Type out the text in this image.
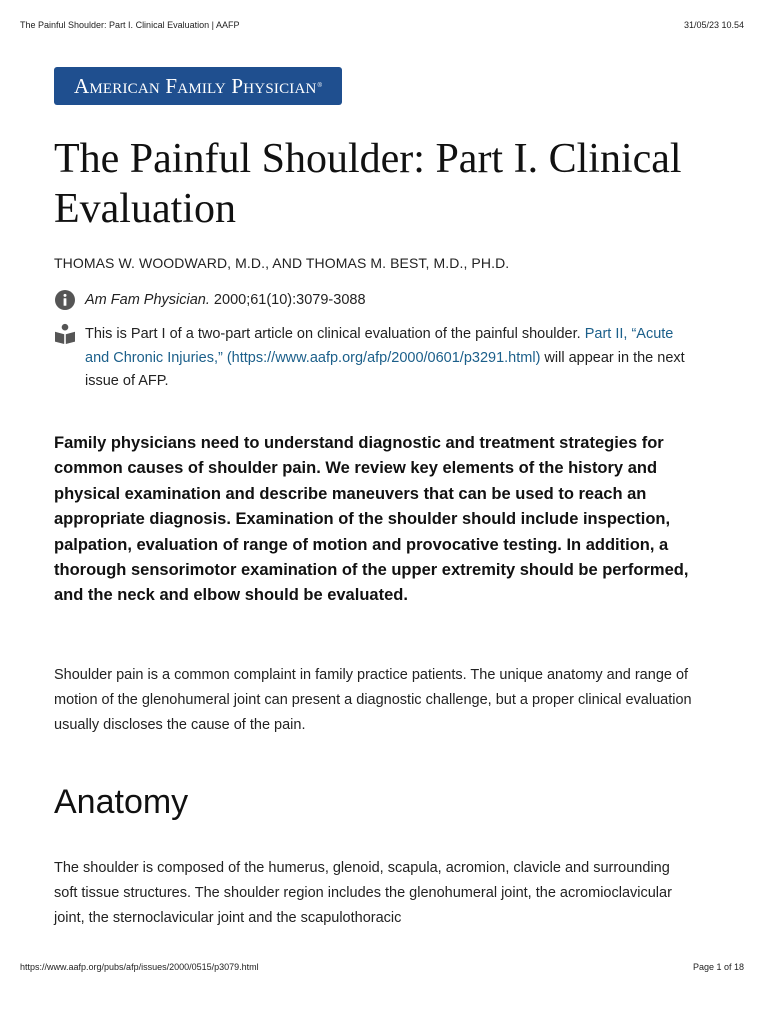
The Painful Shoulder: Part I. Clinical Evaluation | AAFP	31/05/23 10.54
American Family Physician ®
The Painful Shoulder: Part I. Clinical Evaluation
THOMAS W. WOODWARD, M.D., AND THOMAS M. BEST, M.D., PH.D.
Am Fam Physician. 2000;61(10):3079-3088
This is Part I of a two-part article on clinical evaluation of the painful shoulder. Part II, “Acute and Chronic Injuries,” (https://www.aafp.org/afp/2000/0601/p3291.html) will appear in the next issue of AFP.

Family physicians need to understand diagnostic and treatment strategies for common causes of shoulder pain. We review key elements of the history and physical examination and describe maneuvers that can be used to reach an appropriate diagnosis. Examination of the shoulder should include inspection, palpation, evaluation of range of motion and provocative testing. In addition, a thorough sensorimotor examination of the upper extremity should be performed, and the neck and elbow should be evaluated.

Shoulder pain is a common complaint in family practice patients. The unique anatomy and range of motion of the glenohumeral joint can present a diagnostic challenge, but a proper clinical evaluation usually discloses the cause of the pain.

Anatomy

The shoulder is composed of the humerus, glenoid, scapula, acromion, clavicle and surrounding soft tissue structures. The shoulder region includes the glenohumeral joint, the acromioclavicular joint, the sternoclavicular joint and the scapulothoracic

https://www.aafp.org/pubs/afp/issues/2000/0515/p3079.html	Page 1 of 18
